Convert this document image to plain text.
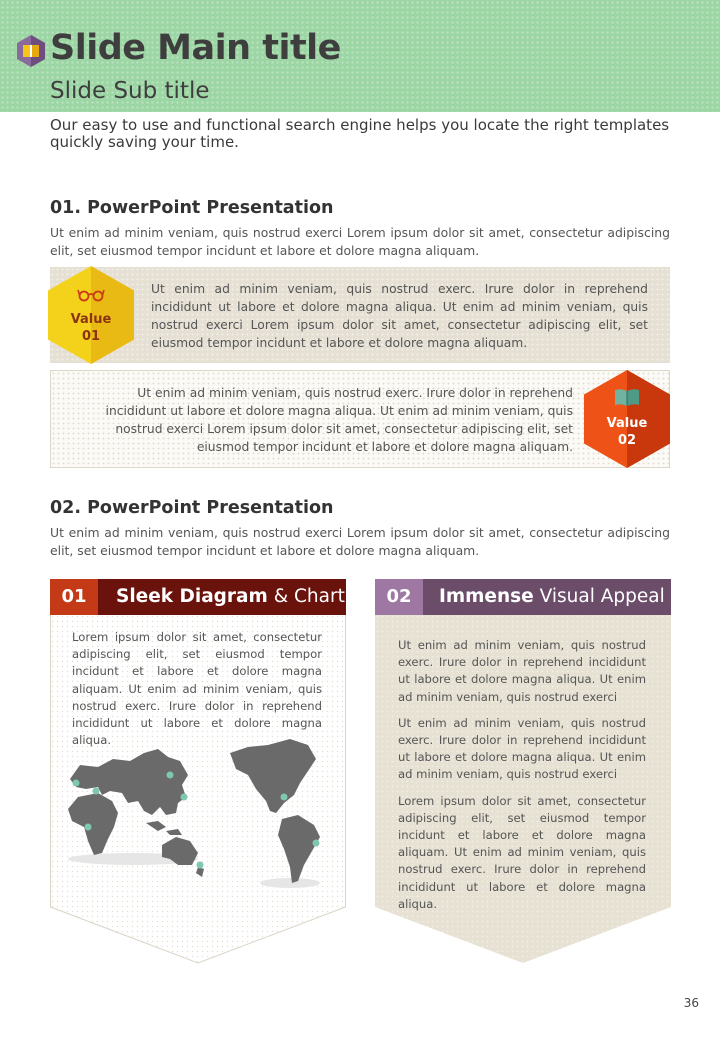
Slide Main title
Slide Sub title
Our easy to use and functional search engine helps you locate the right templates quickly saving your time.
01. PowerPoint Presentation
Ut enim ad minim veniam, quis nostrud exerci Lorem ipsum dolor sit amet, consectetur adipiscing elit, set eiusmod tempor incidunt et labore et dolore magna aliquam.
Ut enim ad minim veniam, quis nostrud exerc. Irure dolor in reprehend incididunt ut labore et dolore magna aliqua. Ut enim ad minim veniam, quis nostrud exerci Lorem ipsum dolor sit amet, consectetur adipiscing elit, set eiusmod tempor incidunt et labore et dolore magna aliquam.
Value
01
Ut enim ad minim veniam, quis nostrud exerc. Irure dolor in reprehend incididunt ut labore et dolore magna aliqua. Ut enim ad minim veniam, quis nostrud exerci Lorem ipsum dolor sit amet, consectetur adipiscing elit, set eiusmod tempor incidunt et labore et dolore magna aliquam.
Value
02
02. PowerPoint Presentation
Ut enim ad minim veniam, quis nostrud exerci Lorem ipsum dolor sit amet, consectetur adipiscing elit, set eiusmod tempor incidunt et labore et dolore magna aliquam.
01	Sleek Diagram & Chart
Lorem ipsum dolor sit amet, consectetur adipiscing elit, set eiusmod tempor incidunt et labore et dolore magna aliquam. Ut enim ad minim veniam, quis nostrud exerc. Irure dolor in reprehend incididunt ut labore et dolore magna aliqua.
02	Immense Visual Appeal

Ut enim ad minim veniam, quis nostrud exerc. Irure dolor in reprehend incididunt ut labore et dolore magna aliqua. Ut enim ad minim veniam, quis nostrud exerci

Ut enim ad minim veniam, quis nostrud exerc. Irure dolor in reprehend incididunt ut labore et dolore magna aliqua. Ut enim ad minim veniam, quis nostrud exerci

Lorem ipsum dolor sit amet, consectetur adipiscing elit, set eiusmod tempor incidunt et labore et dolore magna aliquam. Ut enim ad minim veniam, quis nostrud exerc. Irure dolor in reprehend incididunt ut labore et dolore magna aliqua.

36
